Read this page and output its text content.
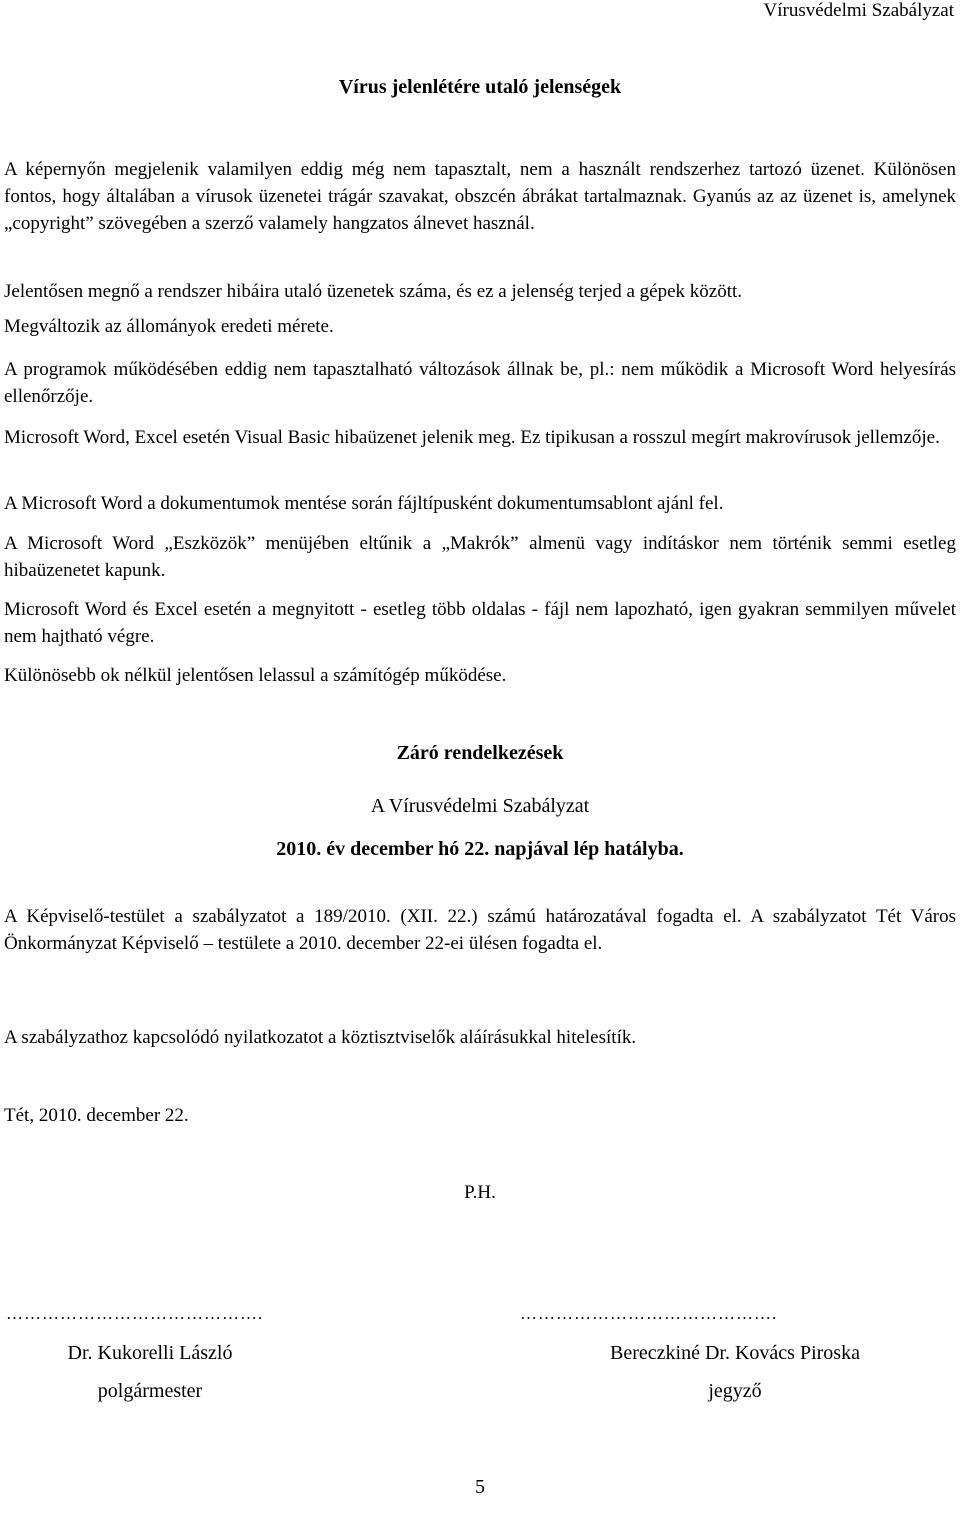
Vírusvédelmi Szabályzat
Vírus jelenlétére utaló jelenségek

A képernyőn megjelenik valamilyen eddig még nem tapasztalt, nem a használt rendszerhez tartozó üzenet. Különösen fontos, hogy általában a vírusok üzenetei trágár szavakat, obszcén ábrákat tartalmaznak. Gyanús az az üzenet is, amelynek „copyright” szövegében a szerző valamely hangzatos álnevet használ.

Jelentősen megnő a rendszer hibáira utaló üzenetek száma, és ez a jelenség terjed a gépek között.

Megváltozik az állományok eredeti mérete.

A programok működésében eddig nem tapasztalható változások állnak be, pl.: nem működik a Microsoft Word helyesírás ellenőrzője.

Microsoft Word, Excel esetén Visual Basic hibaüzenet jelenik meg. Ez tipikusan a rosszul megírt makrovírusok jellemzője.

A Microsoft Word a dokumentumok mentése során fájltípusként dokumentumsablont ajánl fel.

A Microsoft Word „Eszközök” menüjében eltűnik a „Makrók” almenü vagy indításkor nem történik semmi esetleg hibaüzenetet kapunk.

Microsoft Word és Excel esetén a megnyitott - esetleg több oldalas - fájl nem lapozható, igen gyakran semmilyen művelet nem hajtható végre.

Különösebb ok nélkül jelentősen lelassul a számítógép működése.

Záró rendelkezések
A Vírusvédelmi Szabályzat
2010. év december hó 22. napjával lép hatályba.

A Képviselő-testület a szabályzatot a 189/2010. (XII. 22.) számú határozatával fogadta el. A szabályzatot Tét Város Önkormányzat Képviselő – testülete a 2010. december 22-ei ülésen fogadta el.

A szabályzathoz kapcsolódó nyilatkozatot a köztisztviselők aláírásukkal hitelesítík.

Tét, 2010. december 22.

P.H.
…………………………………….
Dr. Kukorelli László
polgármester
…………………………………….
Bereczkiné Dr. Kovács Piroska
jegyző
5
